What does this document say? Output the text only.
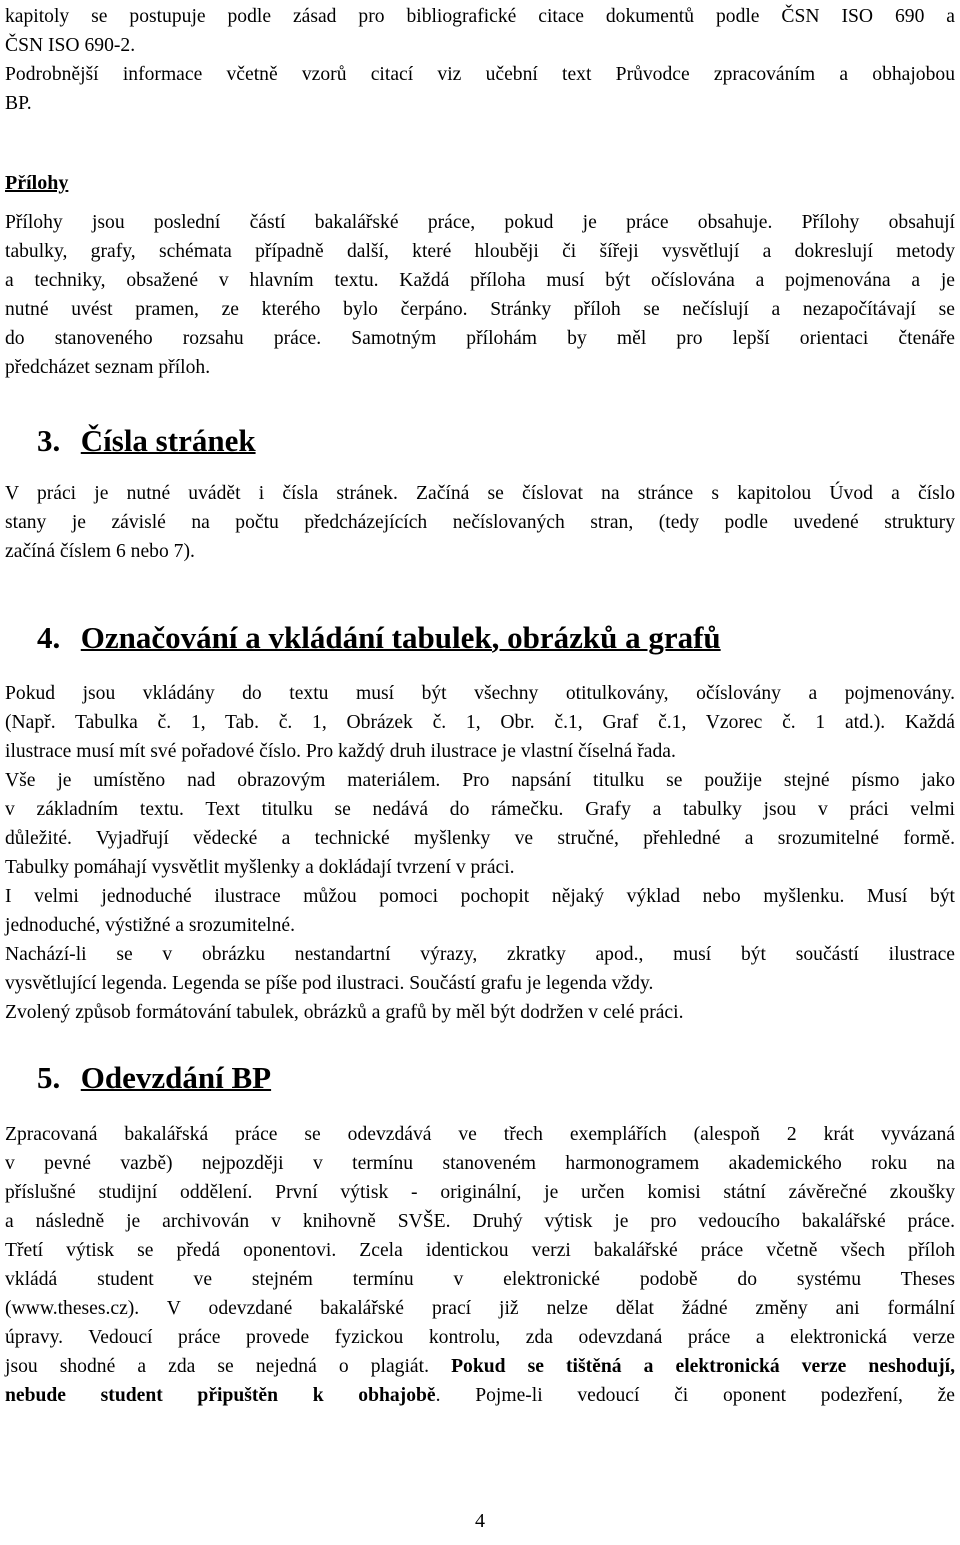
kapitoly se postupuje podle zásad pro bibliografické citace dokumentů podle ČSN ISO 690 a
ČSN ISO 690-2.
Podrobnější informace včetně vzorů citací viz učební text Průvodce zpracováním a obhajobou
BP.
Přílohy
Přílohy jsou poslední částí bakalářské práce, pokud je práce obsahuje. Přílohy obsahují
tabulky, grafy, schémata případně další, které hlouběji či šířeji vysvětlují a dokreslují metody
a techniky, obsažené v hlavním textu. Každá příloha musí být očíslována a pojmenována a je
nutné uvést pramen, ze kterého bylo čerpáno. Stránky příloh se nečíslují a nezapočítávají se
do stanoveného rozsahu práce. Samotným přílohám by měl pro lepší orientaci čtenáře
předcházet seznam příloh.
3. Čísla stránek
V práci je nutné uvádět i čísla stránek. Začíná se číslovat na stránce s kapitolou Úvod a číslo
stany je závislé na počtu předcházejících nečíslovaných stran, (tedy podle uvedené struktury
začíná číslem 6 nebo 7).
4. Označování a vkládání tabulek, obrázků a grafů
Pokud jsou vkládány do textu musí být všechny otitulkovány, očíslovány a pojmenovány.
(Např. Tabulka č. 1, Tab. č. 1, Obrázek č. 1, Obr. č.1, Graf č.1, Vzorec č. 1 atd.). Každá
ilustrace musí mít své pořadové číslo. Pro každý druh ilustrace je vlastní číselná řada.
Vše je umístěno nad obrazovým materiálem. Pro napsání titulku se použije stejné písmo jako
v základním textu. Text titulku se nedává do rámečku. Grafy a tabulky jsou v práci velmi
důležité. Vyjadřují vědecké a technické myšlenky ve stručné, přehledné a srozumitelné formě.
Tabulky pomáhají vysvětlit myšlenky a dokládají tvrzení v práci.
I velmi jednoduché ilustrace můžou pomoci pochopit nějaký výklad nebo myšlenku. Musí být
jednoduché, výstižné a srozumitelné.
Nachází-li se v obrázku nestandartní výrazy, zkratky apod., musí být součástí ilustrace
vysvětlující legenda. Legenda se píše pod ilustraci. Součástí grafu je legenda vždy.
Zvolený způsob formátování tabulek, obrázků a grafů by měl být dodržen v celé práci.
5. Odevzdání BP
Zpracovaná bakalářská práce se odevzdává ve třech exemplářích (alespoň 2 krát vyvázaná
v pevné vazbě) nejpozději v termínu stanoveném harmonogramem akademického roku na
příslušné studijní oddělení. První výtisk - originální, je určen komisi státní závěrečné zkoušky
a následně je archivován v knihovně SVŠE. Druhý výtisk je pro vedoucího bakalářské práce.
Třetí výtisk se předá oponentovi. Zcela identickou verzi bakalářské práce včetně všech příloh
vkládá student ve stejném termínu v elektronické podobě do systému Theses
(www.theses.cz). V odevzdané bakalářské prací již nelze dělat žádné změny ani formální
úpravy. Vedoucí práce provede fyzickou kontrolu, zda odevzdaná práce a elektronická verze
jsou shodné a zda se nejedná o plagiát. Pokud se tištěná a elektronická verze neshodují,
nebude student připuštěn k obhajobě. Pojme-li vedoucí či oponent podezření, že
4
